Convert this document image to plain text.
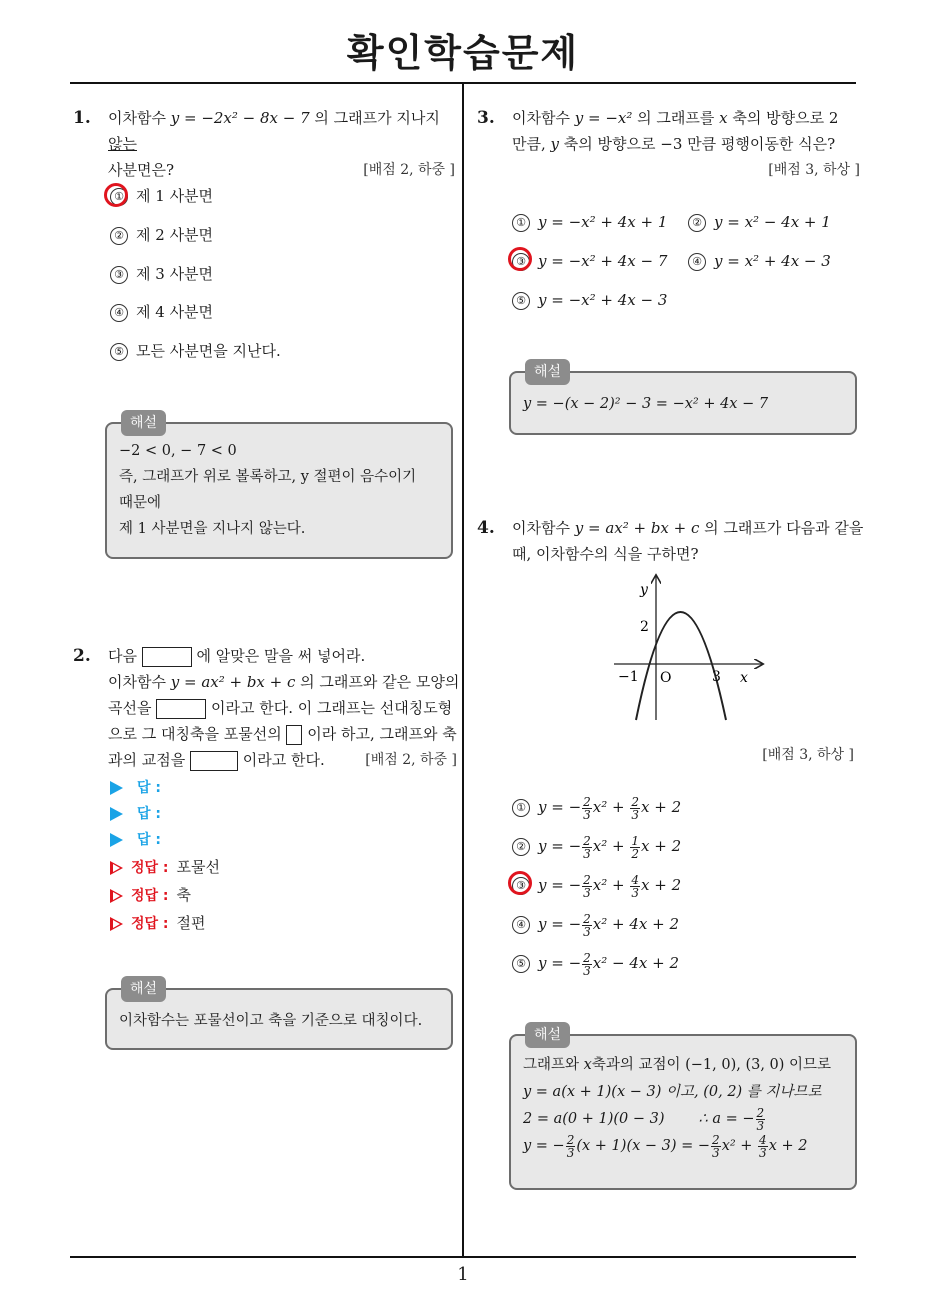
확인학습문제
1
1.	이차함수 y = −2x² − 8x − 7 의 그래프가 지나지 않는
사분면은?	[배점 2, 하중 ]
① 제 1 사분면
② 제 2 사분면
③ 제 3 사분면
④ 제 4 사분면
⑤ 모든 사분면을 지난다.
해설
−2 < 0, − 7 < 0
즉, 그래프가 위로 볼록하고, y 절편이 음수이기
때문에
제 1 사분면을 지나지 않는다.
2.	다음	에 알맞은 말을 써 넣어라.
이차함수 y = ax² + bx + c 의 그래프와 같은 모양의
곡선을	이라고 한다. 이 그래프는 선대칭도형
으로 그 대칭축을 포물선의  이라 하고, 그래프와 축
과의 교점을	이라고 한다.	[배점 2, 하중 ]
답 :
답 :
답 :
정답 : 포물선
정답 : 축
정답 : 절편
해설
이차함수는 포물선이고 축을 기준으로 대칭이다.
3.	이차함수 y = −x² 의 그래프를 x 축의 방향으로 2
만큼, y 축의 방향으로 −3 만큼 평행이동한 식은?
[배점 3, 하상 ]
① y = −x² + 4x + 1	② y = x² − 4x + 1
③ y = −x² + 4x − 7	④ y = x² + 4x − 3
⑤ y = −x² + 4x − 3
해설
y = −(x − 2)² − 3 = −x² + 4x − 7
4.	이차함수 y = ax² + bx + c 의 그래프가 다음과 같을
때, 이차함수의 식을 구하면?
y
x
O
2
−1	3
[배점 3, 하상 ]
① y = − $\frac{2}{3} x^2 + \frac{2}{3}$ x + 2
② y = − $\frac{2}{3} x^2 + \frac{1}{2}$ x + 2
③ y = − $\frac{2}{3} x^2 + \frac{4}{3}$ x + 2
④ y = − $\frac{2}{3} x^2 + 4x + 2$
⑤ y = − $\frac{2}{3} x^2 - 4x + 2$
해설
그래프와 x축과의 교점이 (−1, 0), (3, 0) 이므로
y = a(x + 1)(x − 3) 이고, (0, 2) 를 지나므로
2 = a(0 + 1)(0 − 3) ∴ a = − $\frac{2}{3}$
y = − $\frac{2}{3} (x + 1)(x - 3)$ = − $\frac{2}{3} x^2 + \frac{4}{3}$ x + 2
